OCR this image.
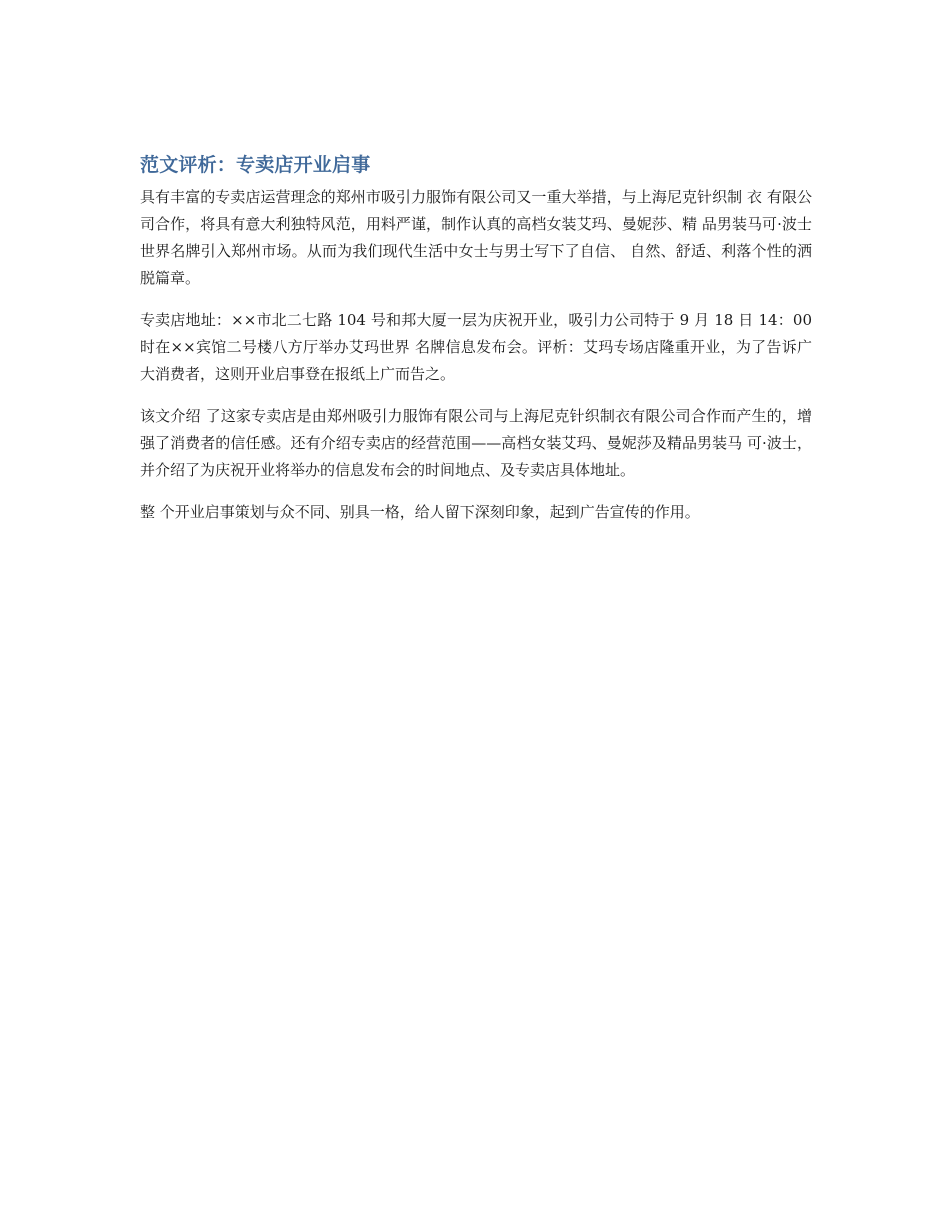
范文评析：专卖店开业启事

具有丰富的专卖店运营理念的郑州市吸引力服饰有限公司又一重大举措，与上海尼克针织制 衣 有限公司合作，将具有意大利独特风范，用料严谨，制作认真的高档女装艾玛、曼妮莎、精 品男装马可·波士世界名牌引入郑州市场。从而为我们现代生活中女士与男士写下了自信、 自然、舒适、利落个性的洒脱篇章。

专卖店地址：××市北二七路 104 号和邦大厦一层为庆祝开业，吸引力公司特于 9 月 18 日 14：00 时在××宾馆二号楼八方厅举办艾玛世界 名牌信息发布会。评析：艾玛专场店隆重开业，为了告诉广大消费者，这则开业启事登在报纸上广而告之。

该文介绍 了这家专卖店是由郑州吸引力服饰有限公司与上海尼克针织制衣有限公司合作而产生的，增 强了消费者的信任感。还有介绍专卖店的经营范围——高档女装艾玛、曼妮莎及精品男装马 可·波士，并介绍了为庆祝开业将举办的信息发布会的时间地点、及专卖店具体地址。

整 个开业启事策划与众不同、别具一格，给人留下深刻印象，起到广告宣传的作用。
